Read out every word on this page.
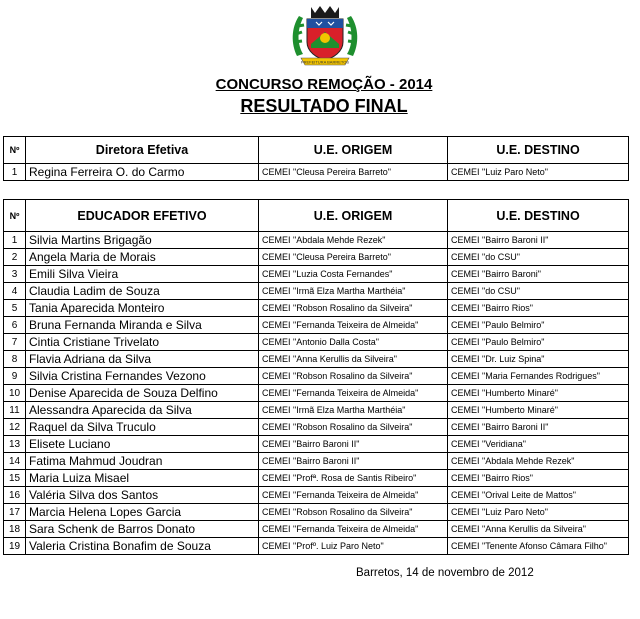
PREFEITURA BARRETOS
CONCURSO REMOÇÃO - 2014
RESULTADO FINAL
Nº	Diretora Efetiva	U.E. ORIGEM	U.E. DESTINO
1	Regina Ferreira O. do Carmo	CEMEI "Cleusa Pereira Barreto"	CEMEI "Luiz Paro Neto"
Nº	EDUCADOR EFETIVO	U.E. ORIGEM	U.E. DESTINO
1	Silvia Martins Brigagão	CEMEI "Abdala Mehde Rezek"	CEMEI "Bairro Baroni II"
2	Angela Maria de Morais	CEMEI "Cleusa Pereira Barreto"	CEMEI "do CSU"
3	Emili Silva Vieira	CEMEI "Luzia Costa Fernandes"	CEMEI "Bairro Baroni"
4	Claudia Ladim de Souza	CEMEI "Irmã Elza Martha Marthéia"	CEMEI "do CSU"
5	Tania Aparecida Monteiro	CEMEI "Robson Rosalino da Silveira"	CEMEI "Bairro Rios"
6	Bruna Fernanda Miranda e Silva	CEMEI "Fernanda Teixeira de Almeida"	CEMEI "Paulo Belmiro"
7	Cintia Cristiane Trivelato	CEMEI "Antonio Dalla Costa"	CEMEI "Paulo Belmiro"
8	Flavia Adriana da Silva	CEMEI "Anna Kerullis da Silveira"	CEMEI "Dr. Luiz Spina"
9	Silvia Cristina Fernandes Vezono	CEMEI "Robson Rosalino da Silveira"	CEMEI "Maria Fernandes Rodrigues"
10	Denise Aparecida de Souza Delfino	CEMEI "Fernanda Teixeira de Almeida"	CEMEI "Humberto Minaré"
11	Alessandra Aparecida da Silva	CEMEI "Irmã Elza Martha Marthéia"	CEMEI "Humberto Minaré"
12	Raquel da Silva Truculo	CEMEI "Robson Rosalino da Silveira"	CEMEI "Bairro Baroni II"
13	Elisete Luciano	CEMEI "Bairro Baroni II"	CEMEI "Veridiana"
14	Fatima Mahmud Joudran	CEMEI "Bairro Baroni II"	CEMEI "Abdala Mehde Rezek"
15	Maria Luiza Misael	CEMEI "Profª. Rosa de Santis Ribeiro"	CEMEI "Bairro Rios"
16	Valéria Silva dos Santos	CEMEI "Fernanda Teixeira de Almeida"	CEMEI "Orival Leite de Mattos"
17	Marcia Helena Lopes Garcia	CEMEI "Robson Rosalino da Silveira"	CEMEI "Luiz Paro Neto"
18	Sara Schenk de Barros Donato	CEMEI "Fernanda Teixeira de Almeida"	CEMEI "Anna Kerullis da Silveira"
19	Valeria Cristina Bonafim de Souza	CEMEI "Profº. Luiz Paro Neto"	CEMEI "Tenente Afonso Câmara Filho"
Barretos, 14 de novembro de 2012
